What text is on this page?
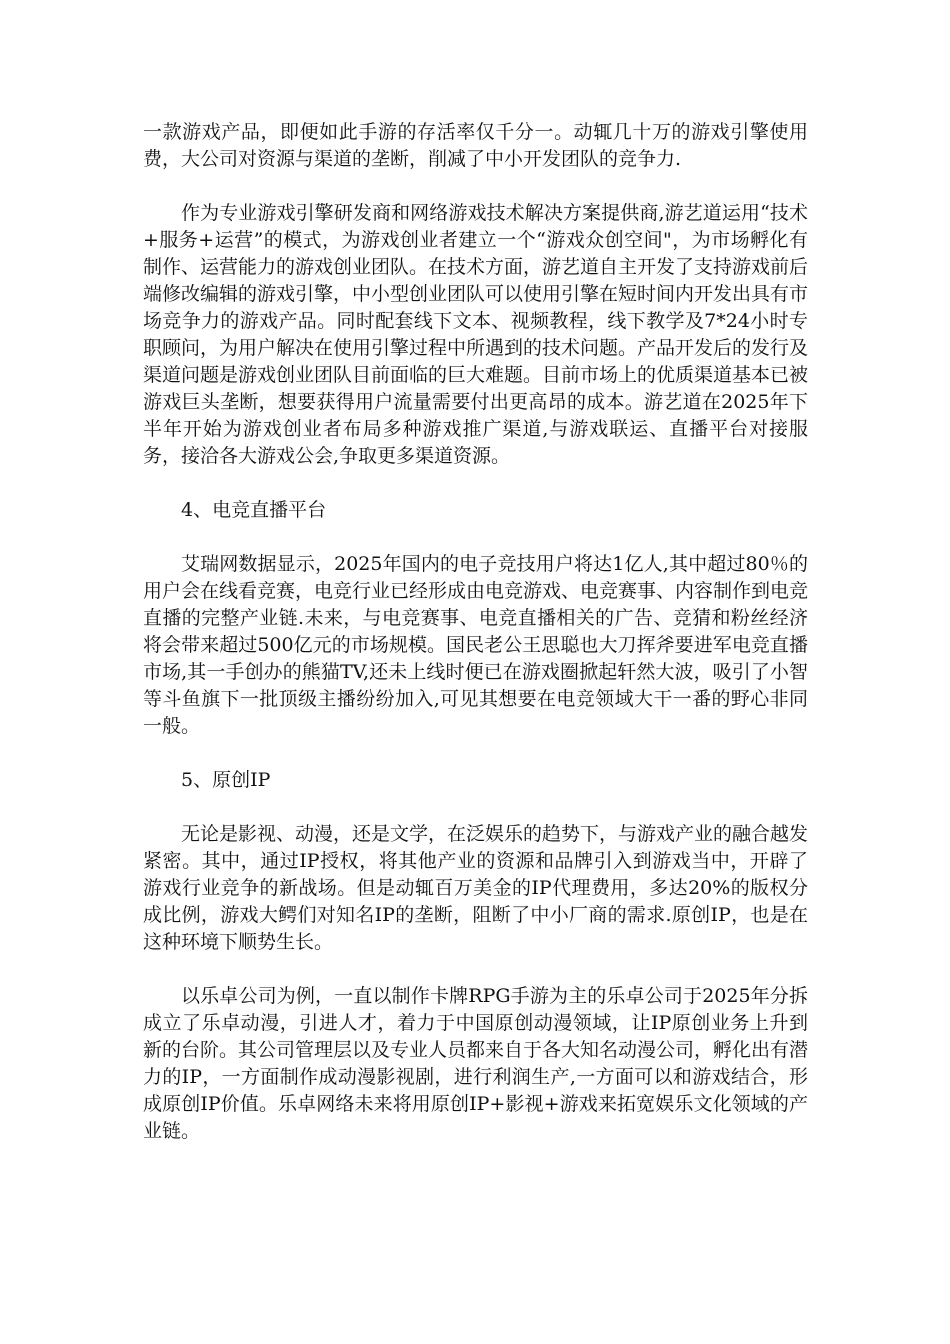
一款游戏产品，即便如此手游的存活率仅千分一。动辄几十万的游戏引擎使用费，大公司对资源与渠道的垄断，削减了中小开发团队的竞争力.

作为专业游戏引擎研发商和网络游戏技术解决方案提供商,游艺道运用“技术+服务+运营”的模式，为游戏创业者建立一个“游戏众创空间"，为市场孵化有制作、运营能力的游戏创业团队。在技术方面，游艺道自主开发了支持游戏前后端修改编辑的游戏引擎，中小型创业团队可以使用引擎在短时间内开发出具有市场竞争力的游戏产品。同时配套线下文本、视频教程，线下教学及7*24小时专职顾问，为用户解决在使用引擎过程中所遇到的技术问题。产品开发后的发行及渠道问题是游戏创业团队目前面临的巨大难题。目前市场上的优质渠道基本已被游戏巨头垄断，想要获得用户流量需要付出更高昂的成本。游艺道在2025年下半年开始为游戏创业者布局多种游戏推广渠道,与游戏联运、直播平台对接服务，接洽各大游戏公会,争取更多渠道资源。

4、电竞直播平台

艾瑞网数据显示，2025年国内的电子竞技用户将达1亿人,其中超过80％的用户会在线看竞赛，电竞行业已经形成由电竞游戏、电竞赛事、内容制作到电竞直播的完整产业链.未来，与电竞赛事、电竞直播相关的广告、竞猜和粉丝经济将会带来超过500亿元的市场规模。国民老公王思聪也大刀挥斧要进军电竞直播市场,其一手创办的熊猫TV,还未上线时便已在游戏圈掀起轩然大波，吸引了小智等斗鱼旗下一批顶级主播纷纷加入,可见其想要在电竞领域大干一番的野心非同一般。

5、原创IP

无论是影视、动漫，还是文学，在泛娱乐的趋势下，与游戏产业的融合越发紧密。其中，通过IP授权，将其他产业的资源和品牌引入到游戏当中，开辟了游戏行业竞争的新战场。但是动辄百万美金的IP代理费用，多达20%的版权分成比例，游戏大鳄们对知名IP的垄断，阻断了中小厂商的需求.原创IP，也是在这种环境下顺势生长。

以乐卓公司为例，一直以制作卡牌RPG手游为主的乐卓公司于2025年分拆成立了乐卓动漫，引进人才，着力于中国原创动漫领域，让IP原创业务上升到新的台阶。其公司管理层以及专业人员都来自于各大知名动漫公司，孵化出有潜力的IP，一方面制作成动漫影视剧，进行利润生产,一方面可以和游戏结合，形成原创IP价值。乐卓网络未来将用原创IP+影视+游戏来拓宽娱乐文化领域的产业链。
